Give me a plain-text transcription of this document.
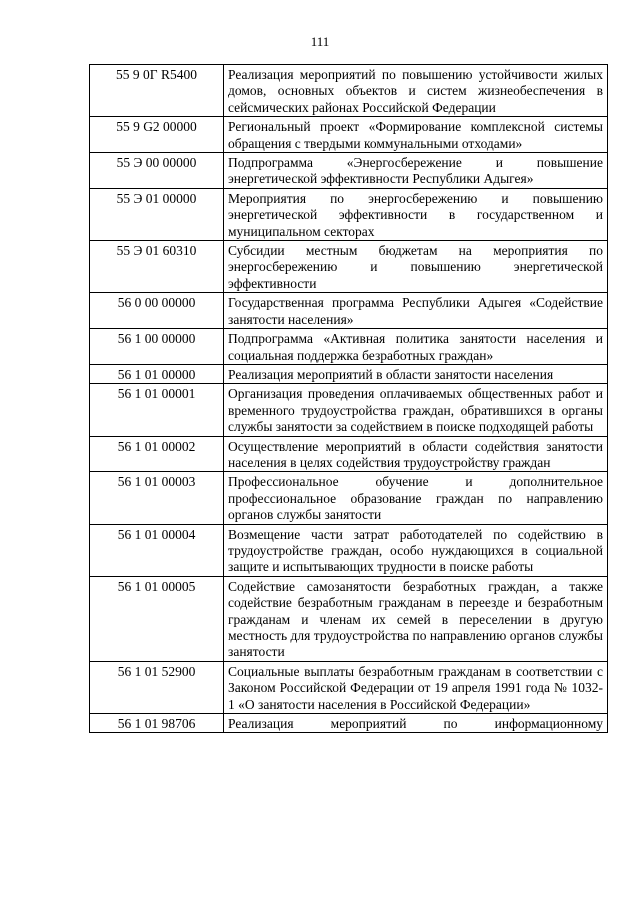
111
55 9 0Г R5400	Реализация мероприятий по повышению устойчивости жилых домов, основных объектов и систем жизнеобеспечения в сейсмических районах Российской Федерации
55 9 G2 00000	Региональный проект «Формирование комплексной системы обращения с твердыми коммунальными отходами»
55 Э 00 00000	Подпрограмма «Энергосбережение и повышение энергетической эффективности Республики Адыгея»
55 Э 01 00000	Мероприятия по энергосбережению и повышению энергетической эффективности в государственном и муниципальном секторах
55 Э 01 60310	Субсидии местным бюджетам на мероприятия по энергосбережению и повышению энергетической эффективности
56 0 00 00000	Государственная программа Республики Адыгея «Содействие занятости населения»
56 1 00 00000	Подпрограмма «Активная политика занятости населения и социальная поддержка безработных граждан»
56 1 01 00000	Реализация мероприятий в области занятости населения
56 1 01 00001	Организация проведения оплачиваемых общественных работ и временного трудоустройства граждан, обратившихся в органы службы занятости за содействием в поиске подходящей работы
56 1 01 00002	Осуществление мероприятий в области содействия занятости населения в целях содействия трудоустройству граждан
56 1 01 00003	Профессиональное обучение и дополнительное профессиональное образование граждан по направлению органов службы занятости
56 1 01 00004	Возмещение части затрат работодателей по содействию в трудоустройстве граждан, особо нуждающихся в социальной защите и испытывающих трудности в поиске работы
56 1 01 00005	Содействие самозанятости безработных граждан, а также содействие безработным гражданам в переезде и безработным гражданам и членам их семей в переселении в другую местность для трудоустройства по направлению органов службы занятости
56 1 01 52900	Социальные выплаты безработным гражданам в соответствии с Законом Российской Федерации от 19 апреля 1991 года № 1032-1 «О занятости населения в Российской Федерации»
56 1 01 98706	Реализация мероприятий по информационному
